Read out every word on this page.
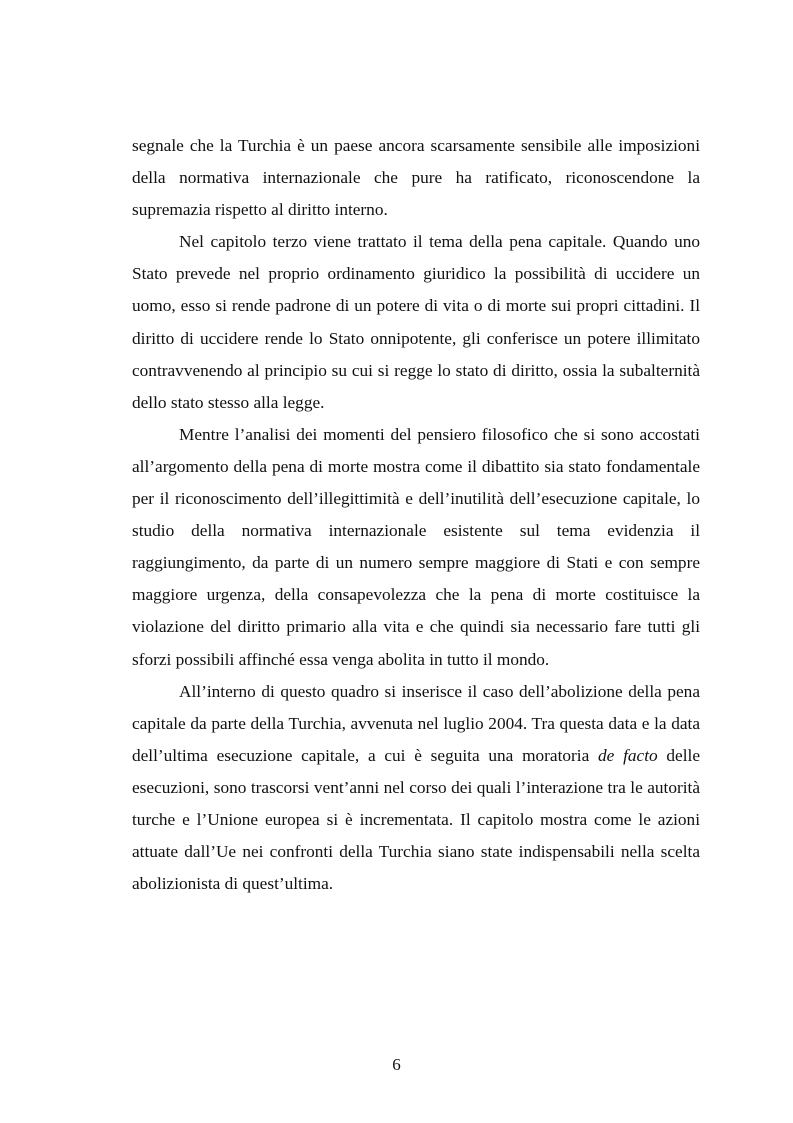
segnale che la Turchia è un paese ancora scarsamente sensibile alle imposizioni della normativa internazionale che pure ha ratificato, riconoscendone la supremazia rispetto al diritto interno.

Nel capitolo terzo viene trattato il tema della pena capitale. Quando uno Stato prevede nel proprio ordinamento giuridico la possibilità di uccidere un uomo, esso si rende padrone di un potere di vita o di morte sui propri cittadini. Il diritto di uccidere rende lo Stato onnipotente, gli conferisce un potere illimitato contravvenendo al principio su cui si regge lo stato di diritto, ossia la subalternità dello stato stesso alla legge.

Mentre l’analisi dei momenti del pensiero filosofico che si sono accostati all’argomento della pena di morte mostra come il dibattito sia stato fondamentale per il riconoscimento dell’illegittimità e dell’inutilità dell’esecuzione capitale, lo studio della normativa internazionale esistente sul tema evidenzia il raggiungimento, da parte di un numero sempre maggiore di Stati e con sempre maggiore urgenza, della consapevolezza che la pena di morte costituisce la violazione del diritto primario alla vita e che quindi sia necessario fare tutti gli sforzi possibili affinché essa venga abolita in tutto il mondo.

All’interno di questo quadro si inserisce il caso dell’abolizione della pena capitale da parte della Turchia, avvenuta nel luglio 2004. Tra questa data e la data dell’ultima esecuzione capitale, a cui è seguita una moratoria de facto delle esecuzioni, sono trascorsi vent’anni nel corso dei quali l’interazione tra le autorità turche e l’Unione europea si è incrementata. Il capitolo mostra come le azioni attuate dall’Ue nei confronti della Turchia siano state indispensabili nella scelta abolizionista di quest’ultima.

6
